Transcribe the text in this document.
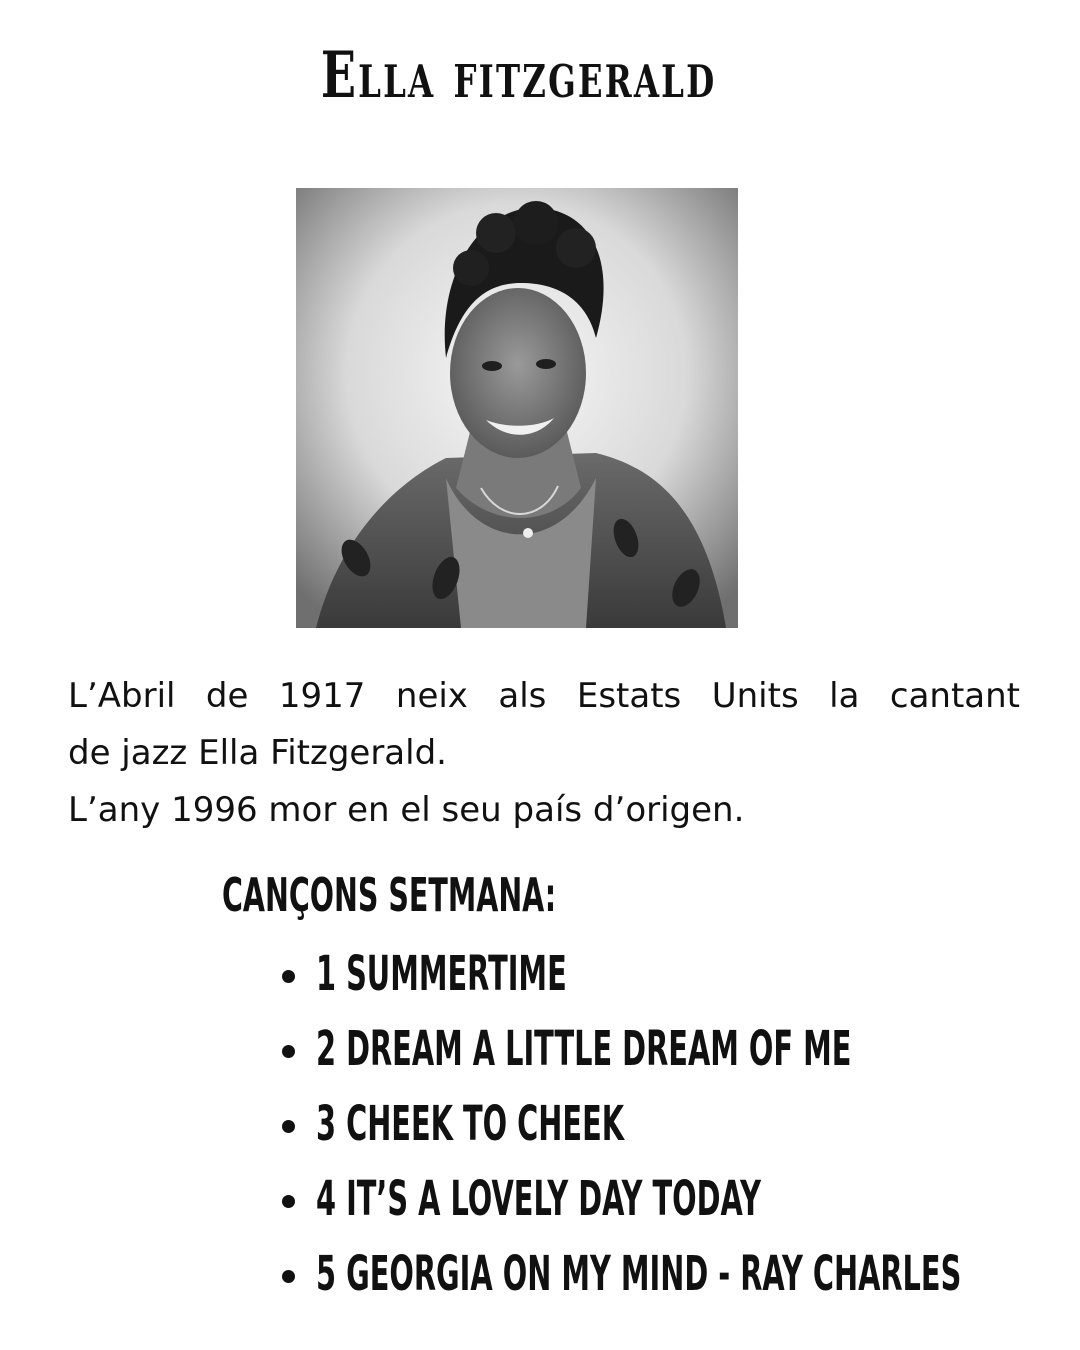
Ella fitzgerald
L’Abril de 1917 neix als Estats Units la cantant
de jazz Ella Fitzgerald.
L’any 1996 mor en el seu país d’origen.
CANÇONS SETMANA:
1 SUMMERTIME
2 DREAM A LITTLE DREAM OF ME
3 CHEEK TO CHEEK
4 IT’S A LOVELY DAY TODAY
5 GEORGIA ON MY MIND - RAY CHARLES
